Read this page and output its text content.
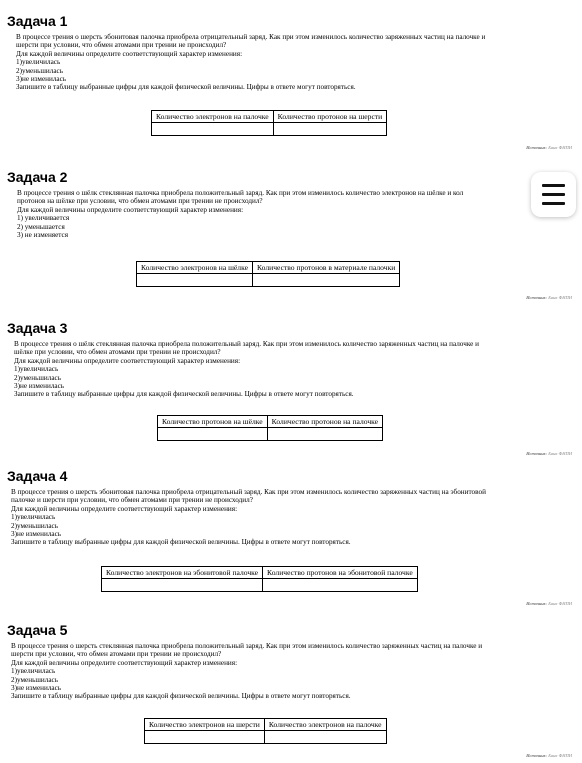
Задача 1

В процессе трения о шерсть эбонитовая палочка приобрела отрицательный заряд. Как при этом изменилось количество заряженных частиц на палочке и

шерсти при условии, что обмен атомами при трении не происходил?

Для каждой величины определите соответствующий характер изменения:

1)увеличилась

2)уменьшилась

3)не изменилась

Запишите в таблицу выбранные цифры для каждой физической величины. Цифры в ответе могут повторяться.

Количество электронов на палочке	Количество протонов на шерсти

Источник: Банк ФИПИ
Задача 2

В процессе трения о шёлк стеклянная палочка приобрела положительный заряд. Как при этом изменилось количество электронов на шёлке и кол

протонов на шёлке при условии, что обмен атомами при трении не происходил?

Для каждой величины определите соответствующий характер изменения:

1) увеличивается

2) уменьшается

3) не изменяется

Количество электронов на шёлке	Количество протонов в материале палочки

Источник: Банк ФИПИ
Задача 3

В процессе трения о шёлк стеклянная палочка приобрела положительный заряд. Как при этом изменилось количество заряженных частиц на палочке и

шёлке при условии, что обмен атомами при трении не происходил?

Для каждой величины определите соответствующий характер изменения:

1)увеличилась

2)уменьшилась

3)не изменилась

Запишите в таблицу выбранные цифры для каждой физической величины. Цифры в ответе могут повторяться.

Количество протонов на шёлке	Количество протонов на палочке

Источник: Банк ФИПИ
Задача 4

В процессе трения о шерсть эбонитовая палочка приобрела отрицательный заряд. Как при этом изменилось количество заряженных частиц на эбонитовой

палочке и шерсти при условии, что обмен атомами при трении не происходил?

Для каждой величины определите соответствующий характер изменения:

1)увеличилась

2)уменьшилась

3)не изменилась

Запишите в таблицу выбранные цифры для каждой физической величины. Цифры в ответе могут повторяться.

Количество электронов на эбонитовой палочке	Количество протонов на эбонитовой палочке

Источник: Банк ФИПИ
Задача 5

В процессе трения о шерсть стеклянная палочка приобрела положительный заряд. Как при этом изменилось количество заряженных частиц на палочке и

шерсти при условии, что обмен атомами при трении не происходил?

Для каждой величины определите соответствующий характер изменения:

1)увеличилась

2)уменьшилась

3)не изменилась

Запишите в таблицу выбранные цифры для каждой физической величины. Цифры в ответе могут повторяться.

Количество электронов на шерсти	Количество электронов на палочке

Источник: Банк ФИПИ
